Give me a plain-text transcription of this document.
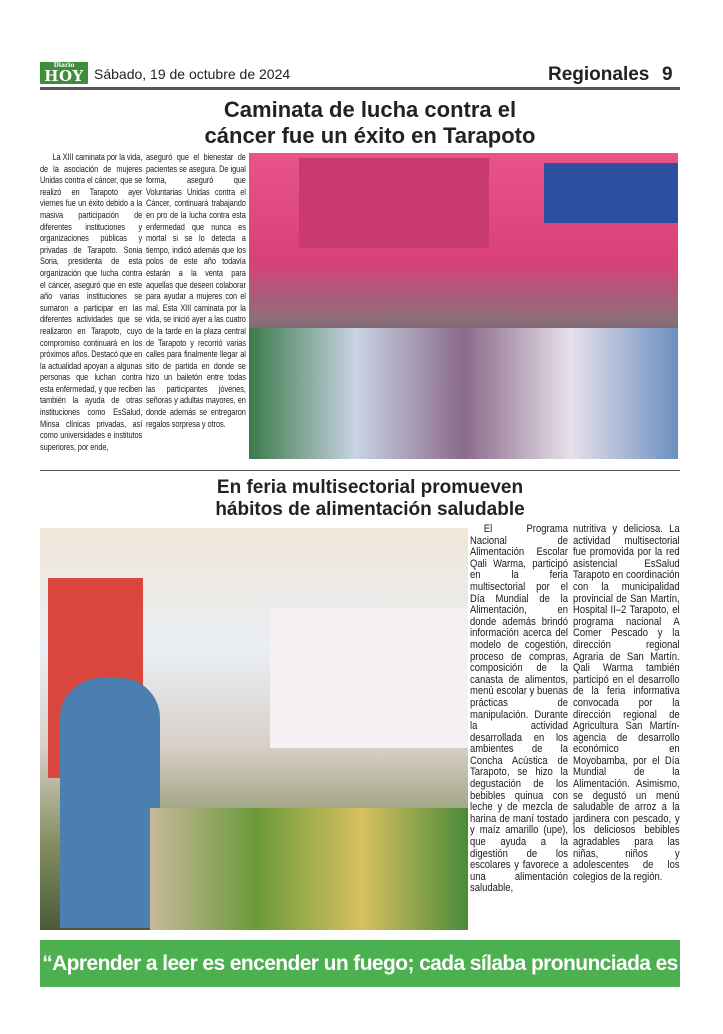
Diario
HOY Sábado, 19 de octubre de 2024	Regionales 9
Caminata de lucha contra el
cáncer fue un éxito en Tarapoto

La XIII caminata por la vida, de la asociación de mujeres Unidas contra el cáncer, que se realizó en Tarapoto ayer viernes fue un éxito debido a la masiva participación de diferentes instituciones y organizaciones públicas y privadas de Tarapoto. Sonia Soria, presidenta de esta organización que lucha contra el cáncer, aseguró que en este año varias instituciones se sumaron a participar en las diferentes actividades que se realizaron en Tarapoto, cuyo compromiso continuará en los próximos años. Destacó que en la actualidad apoyan a algunas personas que luchan contra esta enfermedad, y que reciben también la ayuda de otras instituciones como EsSalud, Minsa clínicas privadas, así como universidades e institutos superiores, por ende,

aseguró que el bienestar de pacientes se asegura. De igual forma, aseguró que Voluntarias Unidas contra el Cáncer, continuará trabajando en pro de la lucha contra esta enfermedad que nunca es mortal si se lo detecta a tiempo, indicó además que los polos de este año todavía estarán a la venta para aquellas que deseen colaborar para ayudar a mujeres con el mal. Esta XIII caminata por la vida, se inició ayer a las cuatro de la tarde en la plaza central de Tarapoto y recorrió varias calles para finalmente llegar al sitio de partida en donde se hizo un bailetón entre todas las participantes jóvenes, señoras y adultas mayores, en donde además se entregaron regalos sorpresa y otros.

En feria multisectorial promueven
hábitos de alimentación saludable

El Programa Nacional de Alimentación Escolar Qali Warma, participó en la feria multisectorial por el Día Mundial de la Alimentación, en donde además brindó información acerca del modelo de cogestión, proceso de compras, composición de la canasta de alimentos, menú escolar y buenas prácticas de manipulación. Durante la actividad desarrollada en los ambientes de la Concha Acústica de Tarapoto, se hizo la degustación de los bebibles quinua con leche y de mezcla de harina de maní tostado y maíz amarillo (upe), que ayuda a la digestión de los escolares y favorece a una alimentación saludable,

nutritiva y deliciosa. La actividad multisectorial fue promovida por la red asistencial EsSalud Tarapoto en coordinación con la municipalidad provincial de San Martín, Hospital II–2 Tarapoto, el programa nacional A Comer Pescado y la dirección regional Agraria de San Martín. Qali Warma también participó en el desarrollo de la feria informativa convocada por la dirección regional de Agricultura San Martín-agencia de desarrollo económico en Moyobamba, por el Día Mundial de la Alimentación. Asimismo, se degustó un menú saludable de arroz a la jardinera con pescado, y los deliciosos bebibles agradables para las niñas, niños y adolescentes de los colegios de la región.

“Aprender a leer es encender un fuego; cada sílaba pronunciada es una chispa”.
